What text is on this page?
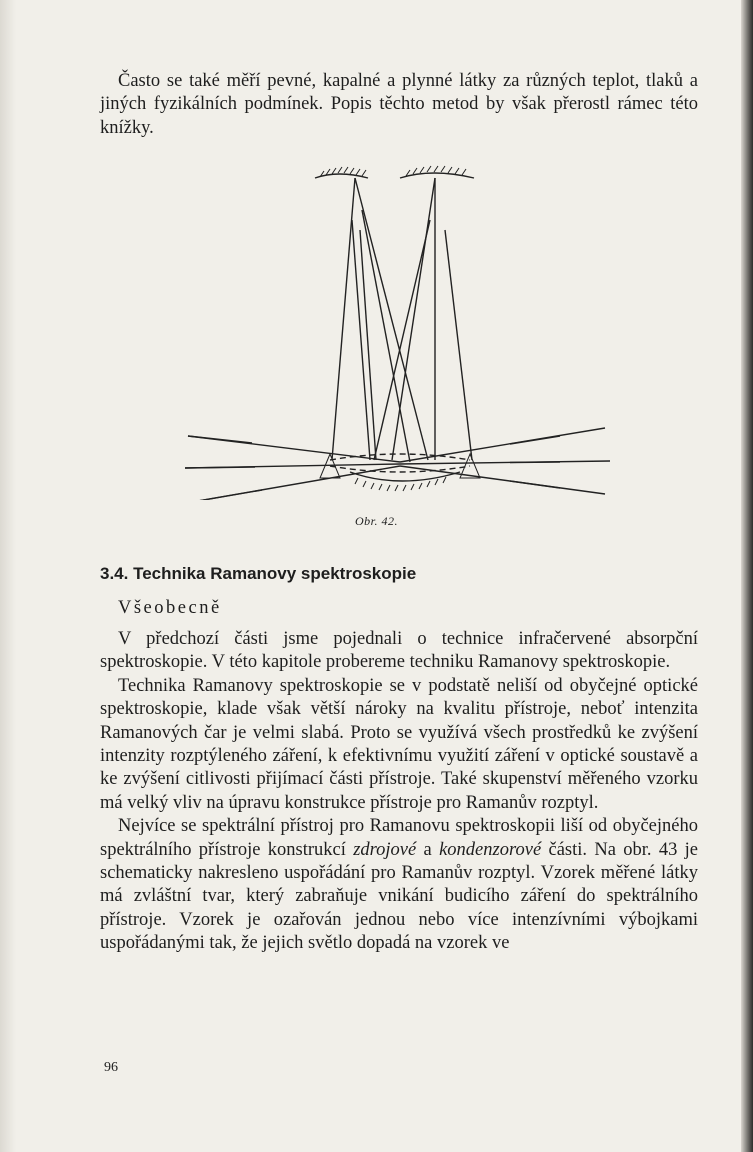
Často se také měří pevné, kapalné a plynné látky za různých teplot, tlaků a jiných fyzikálních podmínek. Popis těchto metod by však přerostl rámec této knížky.

Obr. 42.
3.4. Technika Ramanovy spektroskopie
Všeobecně

V předchozí části jsme pojednali o technice infračervené absorpční spektroskopie. V této kapitole probereme techniku Ramanovy spektroskopie.

Technika Ramanovy spektroskopie se v podstatě neliší od obyčejné optické spektroskopie, klade však větší nároky na kvalitu přístroje, neboť intenzita Ramanových čar je velmi slabá. Proto se využívá všech prostředků ke zvýšení intenzity rozptýleného záření, k efektivnímu využití záření v optické soustavě a ke zvýšení citlivosti přijímací části přístroje. Také skupenství měřeného vzorku má velký vliv na úpravu konstrukce přístroje pro Ramanův rozptyl.

Nejvíce se spektrální přístroj pro Ramanovu spektroskopii liší od obyčejného spektrálního přístroje konstrukcí zdrojové a kondenzorové části. Na obr. 43 je schematicky nakresleno uspořádání pro Ramanův rozptyl. Vzorek měřené látky má zvláštní tvar, který zabraňuje vnikání budicího záření do spektrálního přístroje. Vzorek je ozařován jednou nebo více intenzívními výbojkami uspořádanými tak, že jejich světlo dopadá na vzorek ve

96
